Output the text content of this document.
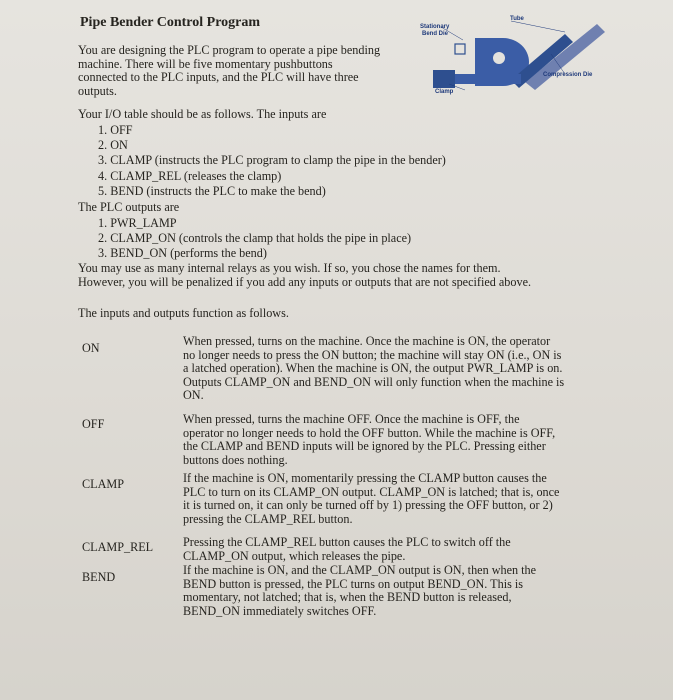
Pipe Bender Control Program	Stationary
Bend Die
Tube
Compression Die
Clamp
You are designing the PLC program to operate a pipe bending
machine. There will be five momentary pushbuttons
connected to the PLC inputs, and the PLC will have three
outputs.
Your I/O table should be as follows. The inputs are
1. OFF
2. ON
3. CLAMP (instructs the PLC program to clamp the pipe in the bender)
4. CLAMP_REL (releases the clamp)
5. BEND (instructs the PLC to make the bend)
The PLC outputs are
1. PWR_LAMP
2. CLAMP_ON (controls the clamp that holds the pipe in place)
3. BEND_ON (performs the bend)
You may use as many internal relays as you wish. If so, you chose the names for them.
However, you will be penalized if you add any inputs or outputs that are not specified above.
The inputs and outputs function as follows.
ON	When pressed, turns on the machine. Once the machine is ON, the operator
no longer needs to press the ON button; the machine will stay ON (i.e., ON is
a latched operation). When the machine is ON, the output PWR_LAMP is on.
Outputs CLAMP_ON and BEND_ON will only function when the machine is
ON.
OFF	When pressed, turns the machine OFF. Once the machine is OFF, the
operator no longer needs to hold the OFF button. While the machine is OFF,
the CLAMP and BEND inputs will be ignored by the PLC. Pressing either
buttons does nothing.
CLAMP	If the machine is ON, momentarily pressing the CLAMP button causes the
PLC to turn on its CLAMP_ON output. CLAMP_ON is latched; that is, once
it is turned on, it can only be turned off by 1) pressing the OFF button, or 2)
pressing the CLAMP_REL button.
CLAMP_REL Pressing the CLAMP_REL button causes the PLC to switch off the
CLAMP_ON output, which releases the pipe.
BEND	If the machine is ON, and the CLAMP_ON output is ON, then when the
BEND button is pressed, the PLC turns on output BEND_ON. This is
momentary, not latched; that is, when the BEND button is released,
BEND_ON immediately switches OFF.
